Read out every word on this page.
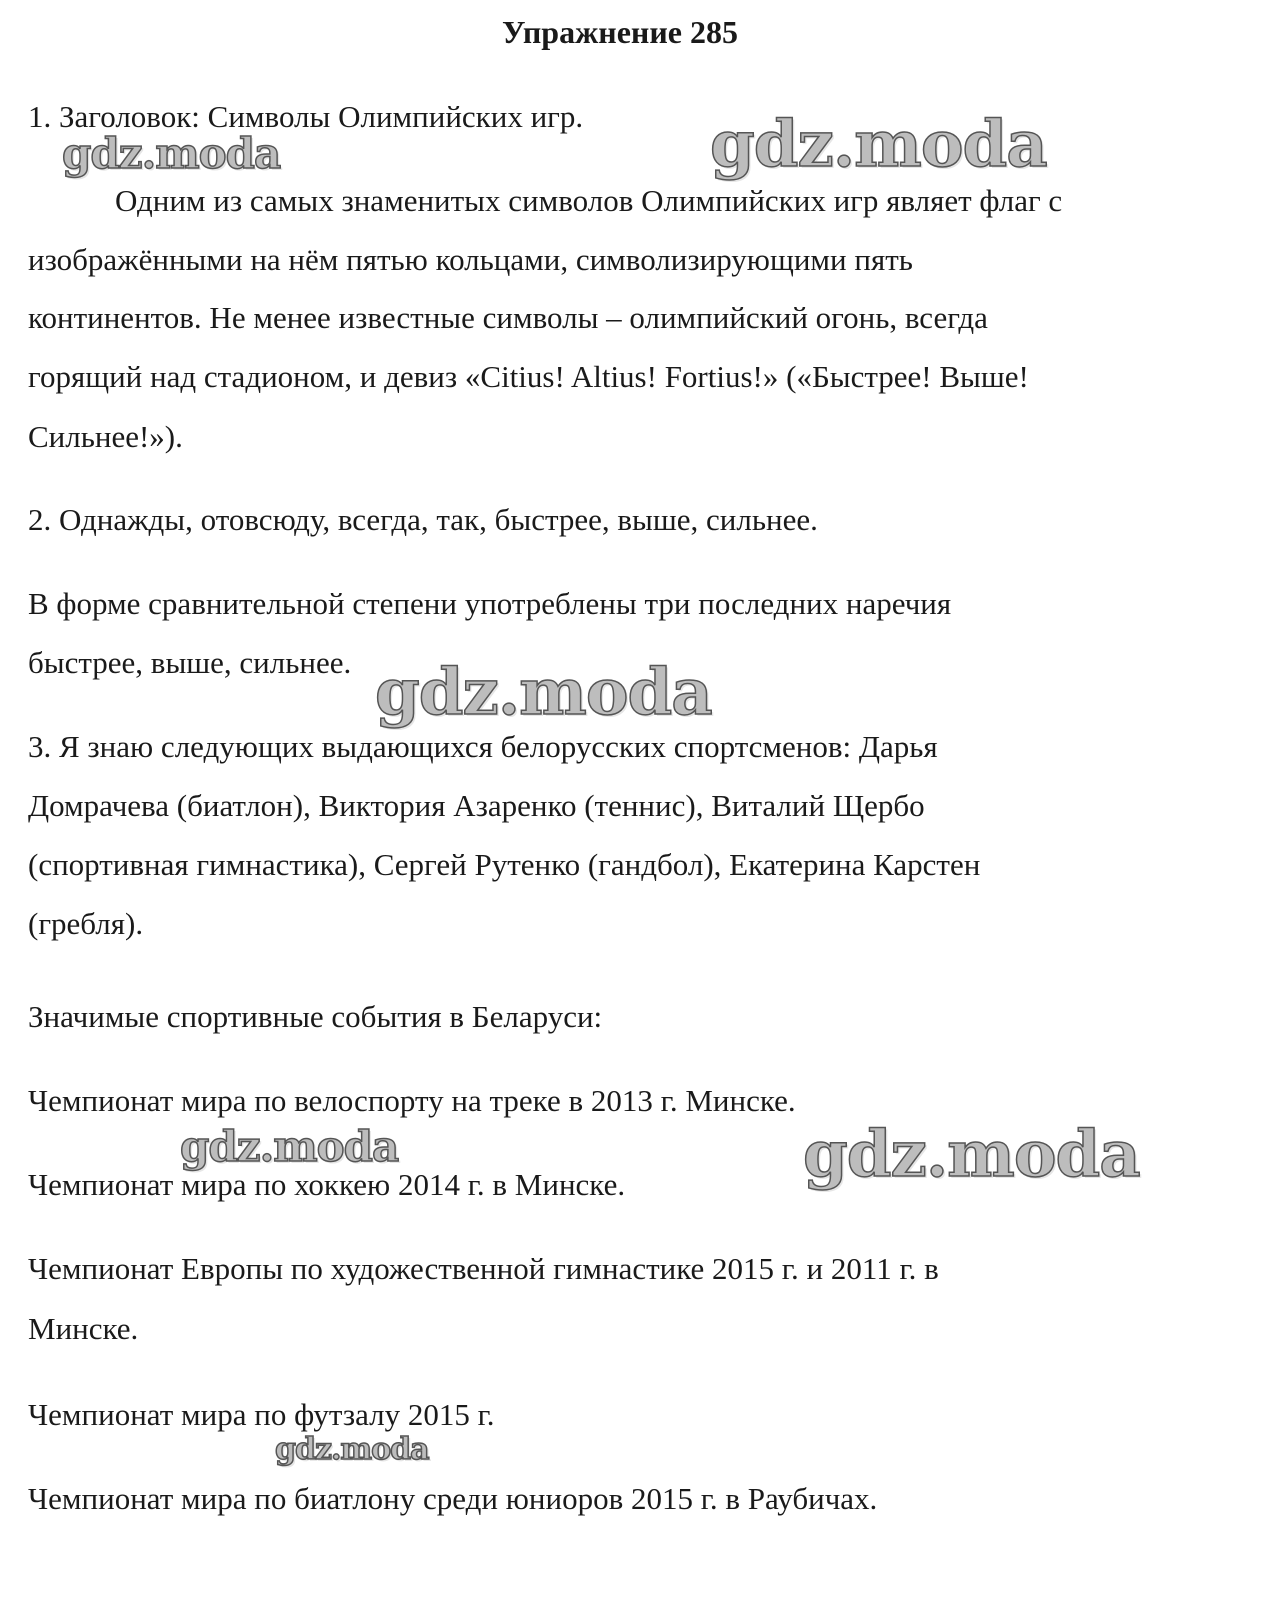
Упражнение 285
1. Заголовок: Символы Олимпийских игр.
Одним из самых знаменитых символов Олимпийских игр являет флаг с
изображёнными на нём пятью кольцами, символизирующими пять
континентов. Не менее известные символы – олимпийский огонь, всегда
горящий над стадионом, и девиз «Citius! Altius! Fortius!» («Быстрее! Выше!
Сильнее!»).
2. Однажды, отовсюду, всегда, так, быстрее, выше, сильнее.
В форме сравнительной степени употреблены три последних наречия
быстрее, выше, сильнее.
3. Я знаю следующих выдающихся белорусских спортсменов: Дарья
Домрачева (биатлон), Виктория Азаренко (теннис), Виталий Щербо
(спортивная гимнастика), Сергей Рутенко (гандбол), Екатерина Карстен
(гребля).
Значимые спортивные события в Беларуси:
Чемпионат мира по велоспорту на треке в 2013 г. Минске.
Чемпионат мира по хоккею 2014 г. в Минске.
Чемпионат Европы по художественной гимнастике 2015 г. и 2011 г. в
Минске.
Чемпионат мира по футзалу 2015 г.
Чемпионат мира по биатлону среди юниоров 2015 г. в Раубичах.
gdz.moda	gdz.moda
gdz.moda
gdz.moda	gdz.moda
gdz.moda
